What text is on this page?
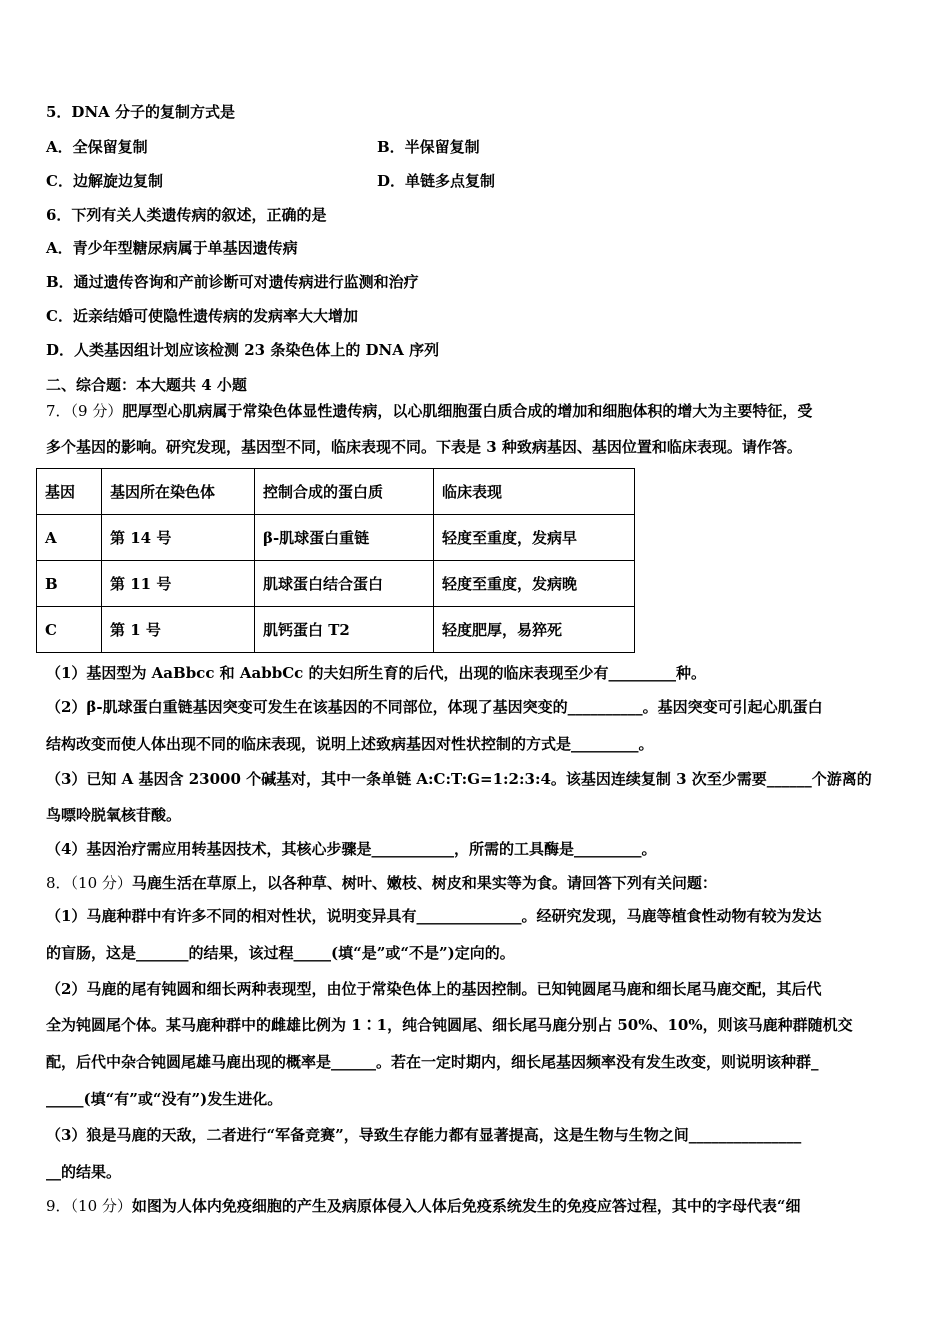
5．DNA 分子的复制方式是
A．全保留复制	B．半保留复制
C．边解旋边复制	D．单链多点复制
6．下列有关人类遗传病的叙述，正确的是
A．青少年型糖尿病属于单基因遗传病
B．通过遗传咨询和产前诊断可对遗传病进行监测和治疗
C．近亲结婚可使隐性遗传病的发病率大大增加
D．人类基因组计划应该检测 23 条染色体上的 DNA 序列
二、综合题：本大题共 4 小题
7．（9 分）肥厚型心肌病属于常染色体显性遗传病，以心肌细胞蛋白质合成的增加和细胞体积的增大为主要特征，受
多个基因的影响。研究发现，基因型不同，临床表现不同。下表是 3 种致病基因、基因位置和临床表现。请作答。
基因	基因所在染色体	控制合成的蛋白质	临床表现
A	第 14 号	β-肌球蛋白重链	轻度至重度，发病早
B	第 11 号	肌球蛋白结合蛋白	轻度至重度，发病晚
C	第 1 号	肌钙蛋白 T2	轻度肥厚，易猝死
（1）基因型为 AaBbcc 和 AabbCc 的夫妇所生育的后代，出现的临床表现至少有_________种。
（2）β-肌球蛋白重链基因突变可发生在该基因的不同部位，体现了基因突变的__________。基因突变可引起心肌蛋白
结构改变而使人体出现不同的临床表现，说明上述致病基因对性状控制的方式是_________。
（3）已知 A 基因含 23000 个碱基对，其中一条单链 A:C:T:G=1:2:3:4。该基因连续复制 3 次至少需要______个游离的
鸟嘌呤脱氧核苷酸。
（4）基因治疗需应用转基因技术，其核心步骤是___________，所需的工具酶是_________。
8．（10 分）马鹿生活在草原上，以各种草、树叶、嫩枝、树皮和果实等为食。请回答下列有关问题：
（1）马鹿种群中有许多不同的相对性状，说明变异具有______________。经研究发现，马鹿等植食性动物有较为发达
的盲肠，这是_______的结果，该过程_____(填“是”或“不是”)定向的。
（2）马鹿的尾有钝圆和细长两种表现型，由位于常染色体上的基因控制。已知钝圆尾马鹿和细长尾马鹿交配，其后代
全为钝圆尾个体。某马鹿种群中的雌雄比例为 1∶1，纯合钝圆尾、细长尾马鹿分别占 50%、10%，则该马鹿种群随机交
配，后代中杂合钝圆尾雄马鹿出现的概率是______。若在一定时期内，细长尾基因频率没有发生改变，则说明该种群_
_____(填“有”或“没有”)发生进化。
（3）狼是马鹿的天敌，二者进行“军备竞赛”，导致生存能力都有显著提高，这是生物与生物之间_______________
__的结果。
9．（10 分）如图为人体内免疫细胞的产生及病原体侵入人体后免疫系统发生的免疫应答过程，其中的字母代表“细
